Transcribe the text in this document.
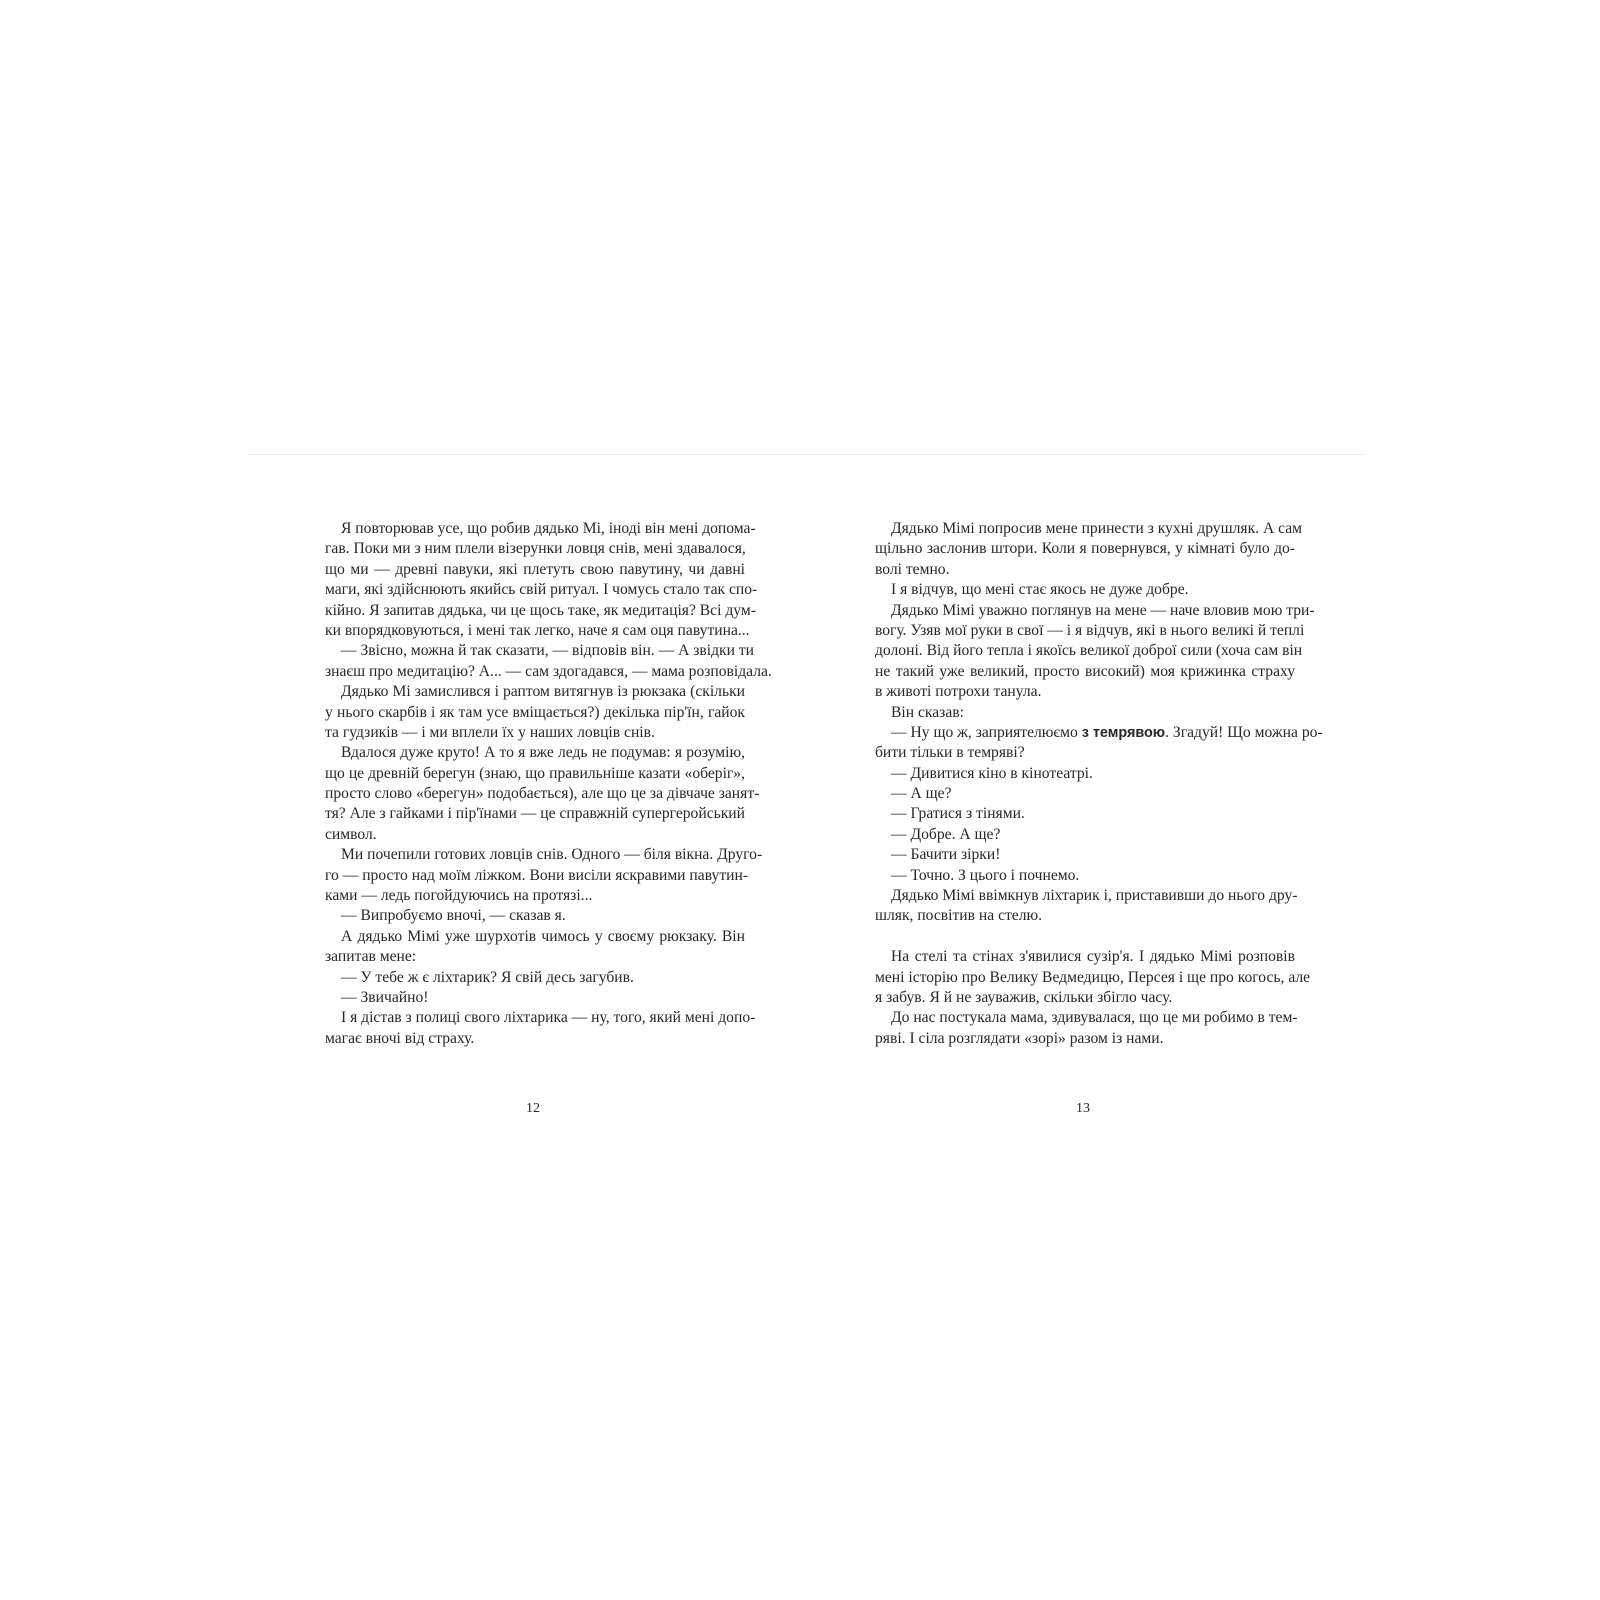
Я повторював усе, що робив дядько Мі, іноді він мені допома-
гав. Поки ми з ним плели візерунки ловця снів, мені здавалося,
що ми — древні павуки, які плетуть свою павутину, чи давні
маги, які здійснюють якийсь свій ритуал. І чомусь стало так спо-
кійно. Я запитав дядька, чи це щось таке, як медитація? Всі дум-
ки впорядковуються, і мені так легко, наче я сам оця павутина...
— Звісно, можна й так сказати, — відповів він. — А звідки ти
знаєш про медитацію? А... — сам здогадався, — мама розповідала.
Дядько Мі замислився і раптом витягнув із рюкзака (скільки
у нього скарбів і як там усе вміщається?) декілька пір'їн, гайок
та гудзиків — і ми вплели їх у наших ловців снів.
Вдалося дуже круто! А то я вже ледь не подумав: я розумію,
що це древній берегун (знаю, що правильніше казати «оберіг»,
просто слово «берегун» подобається), але що це за дівчаче занят-
тя? Але з гайками і пір'їнами — це справжній супергеройський
символ.
Ми почепили готових ловців снів. Одного — біля вікна. Друго-
го — просто над моїм ліжком. Вони висіли яскравими павутин-
ками — ледь погойдуючись на протязі...
— Випробуємо вночі, — сказав я.
А дядько Мімі уже шурхотів чимось у своєму рюкзаку. Він
запитав мене:
— У тебе ж є ліхтарик? Я свій десь загубив.
— Звичайно!
І я дістав з полиці свого ліхтарика — ну, того, який мені допо-
магає вночі від страху.
12
Дядько Мімі попросив мене принести з кухні друшляк. А сам
щільно заслонив штори. Коли я повернувся, у кімнаті було до-
волі темно.
І я відчув, що мені стає якось не дуже добре.
Дядько Мімі уважно поглянув на мене — наче вловив мою три-
вогу. Узяв мої руки в свої — і я відчув, які в нього великі й теплі
долоні. Від його тепла і якоїсь великої доброї сили (хоча сам він
не такий уже великий, просто високий) моя крижинка страху
в животі потрохи танула.
Він сказав:
— Ну що ж, заприятелюємо з темрявою. Згадуй! Що можна ро-
бити тільки в темряві?
— Дивитися кіно в кінотеатрі.
— А ще?
— Гратися з тінями.
— Добре. А ще?
— Бачити зірки!
— Точно. З цього і почнемо.
Дядько Мімі ввімкнув ліхтарик і, приставивши до нього дру-
шляк, посвітив на стелю.
На стелі та стінах з'явилися сузір'я. І дядько Мімі розповів
мені історію про Велику Ведмедицю, Персея і ще про когось, але
я забув. Я й не зауважив, скільки збігло часу.
До нас постукала мама, здивувалася, що це ми робимо в тем-
ряві. І сіла розглядати «зорі» разом із нами.
13
